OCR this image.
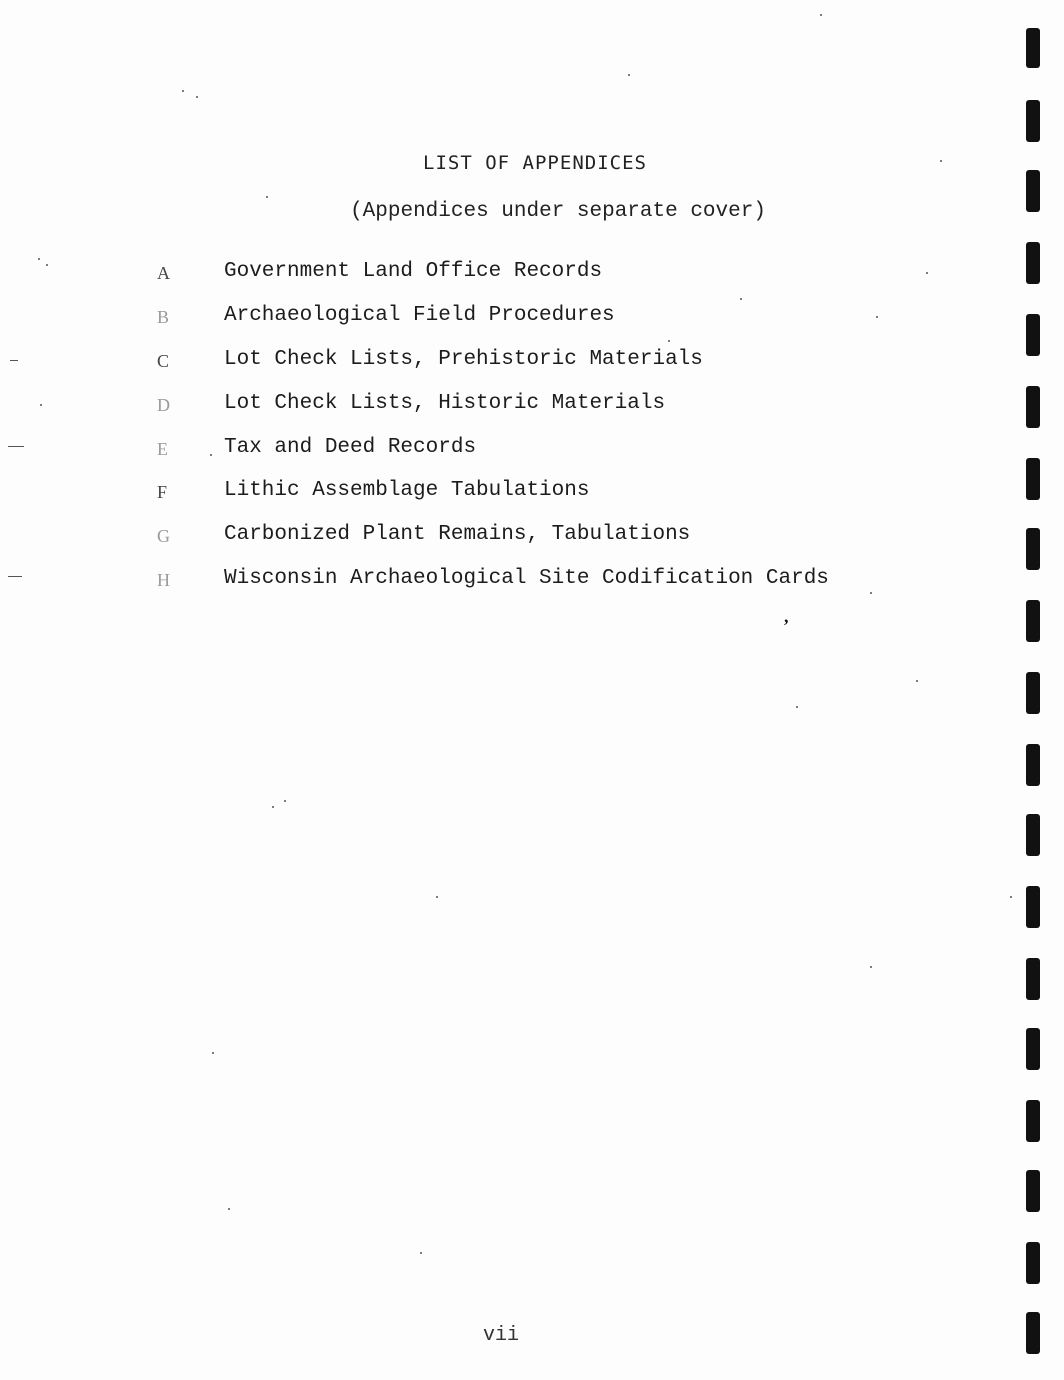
LIST OF APPENDICES
(Appendices under separate cover)
A	Government Land Office Records
B	Archaeological Field Procedures
C	Lot Check Lists, Prehistoric Materials
D	Lot Check Lists, Historic Materials
E	Tax and Deed Records
F	Lithic Assemblage Tabulations
G	Carbonized Plant Remains, Tabulations
H	Wisconsin Archaeological Site Codification Cards
,
vii
